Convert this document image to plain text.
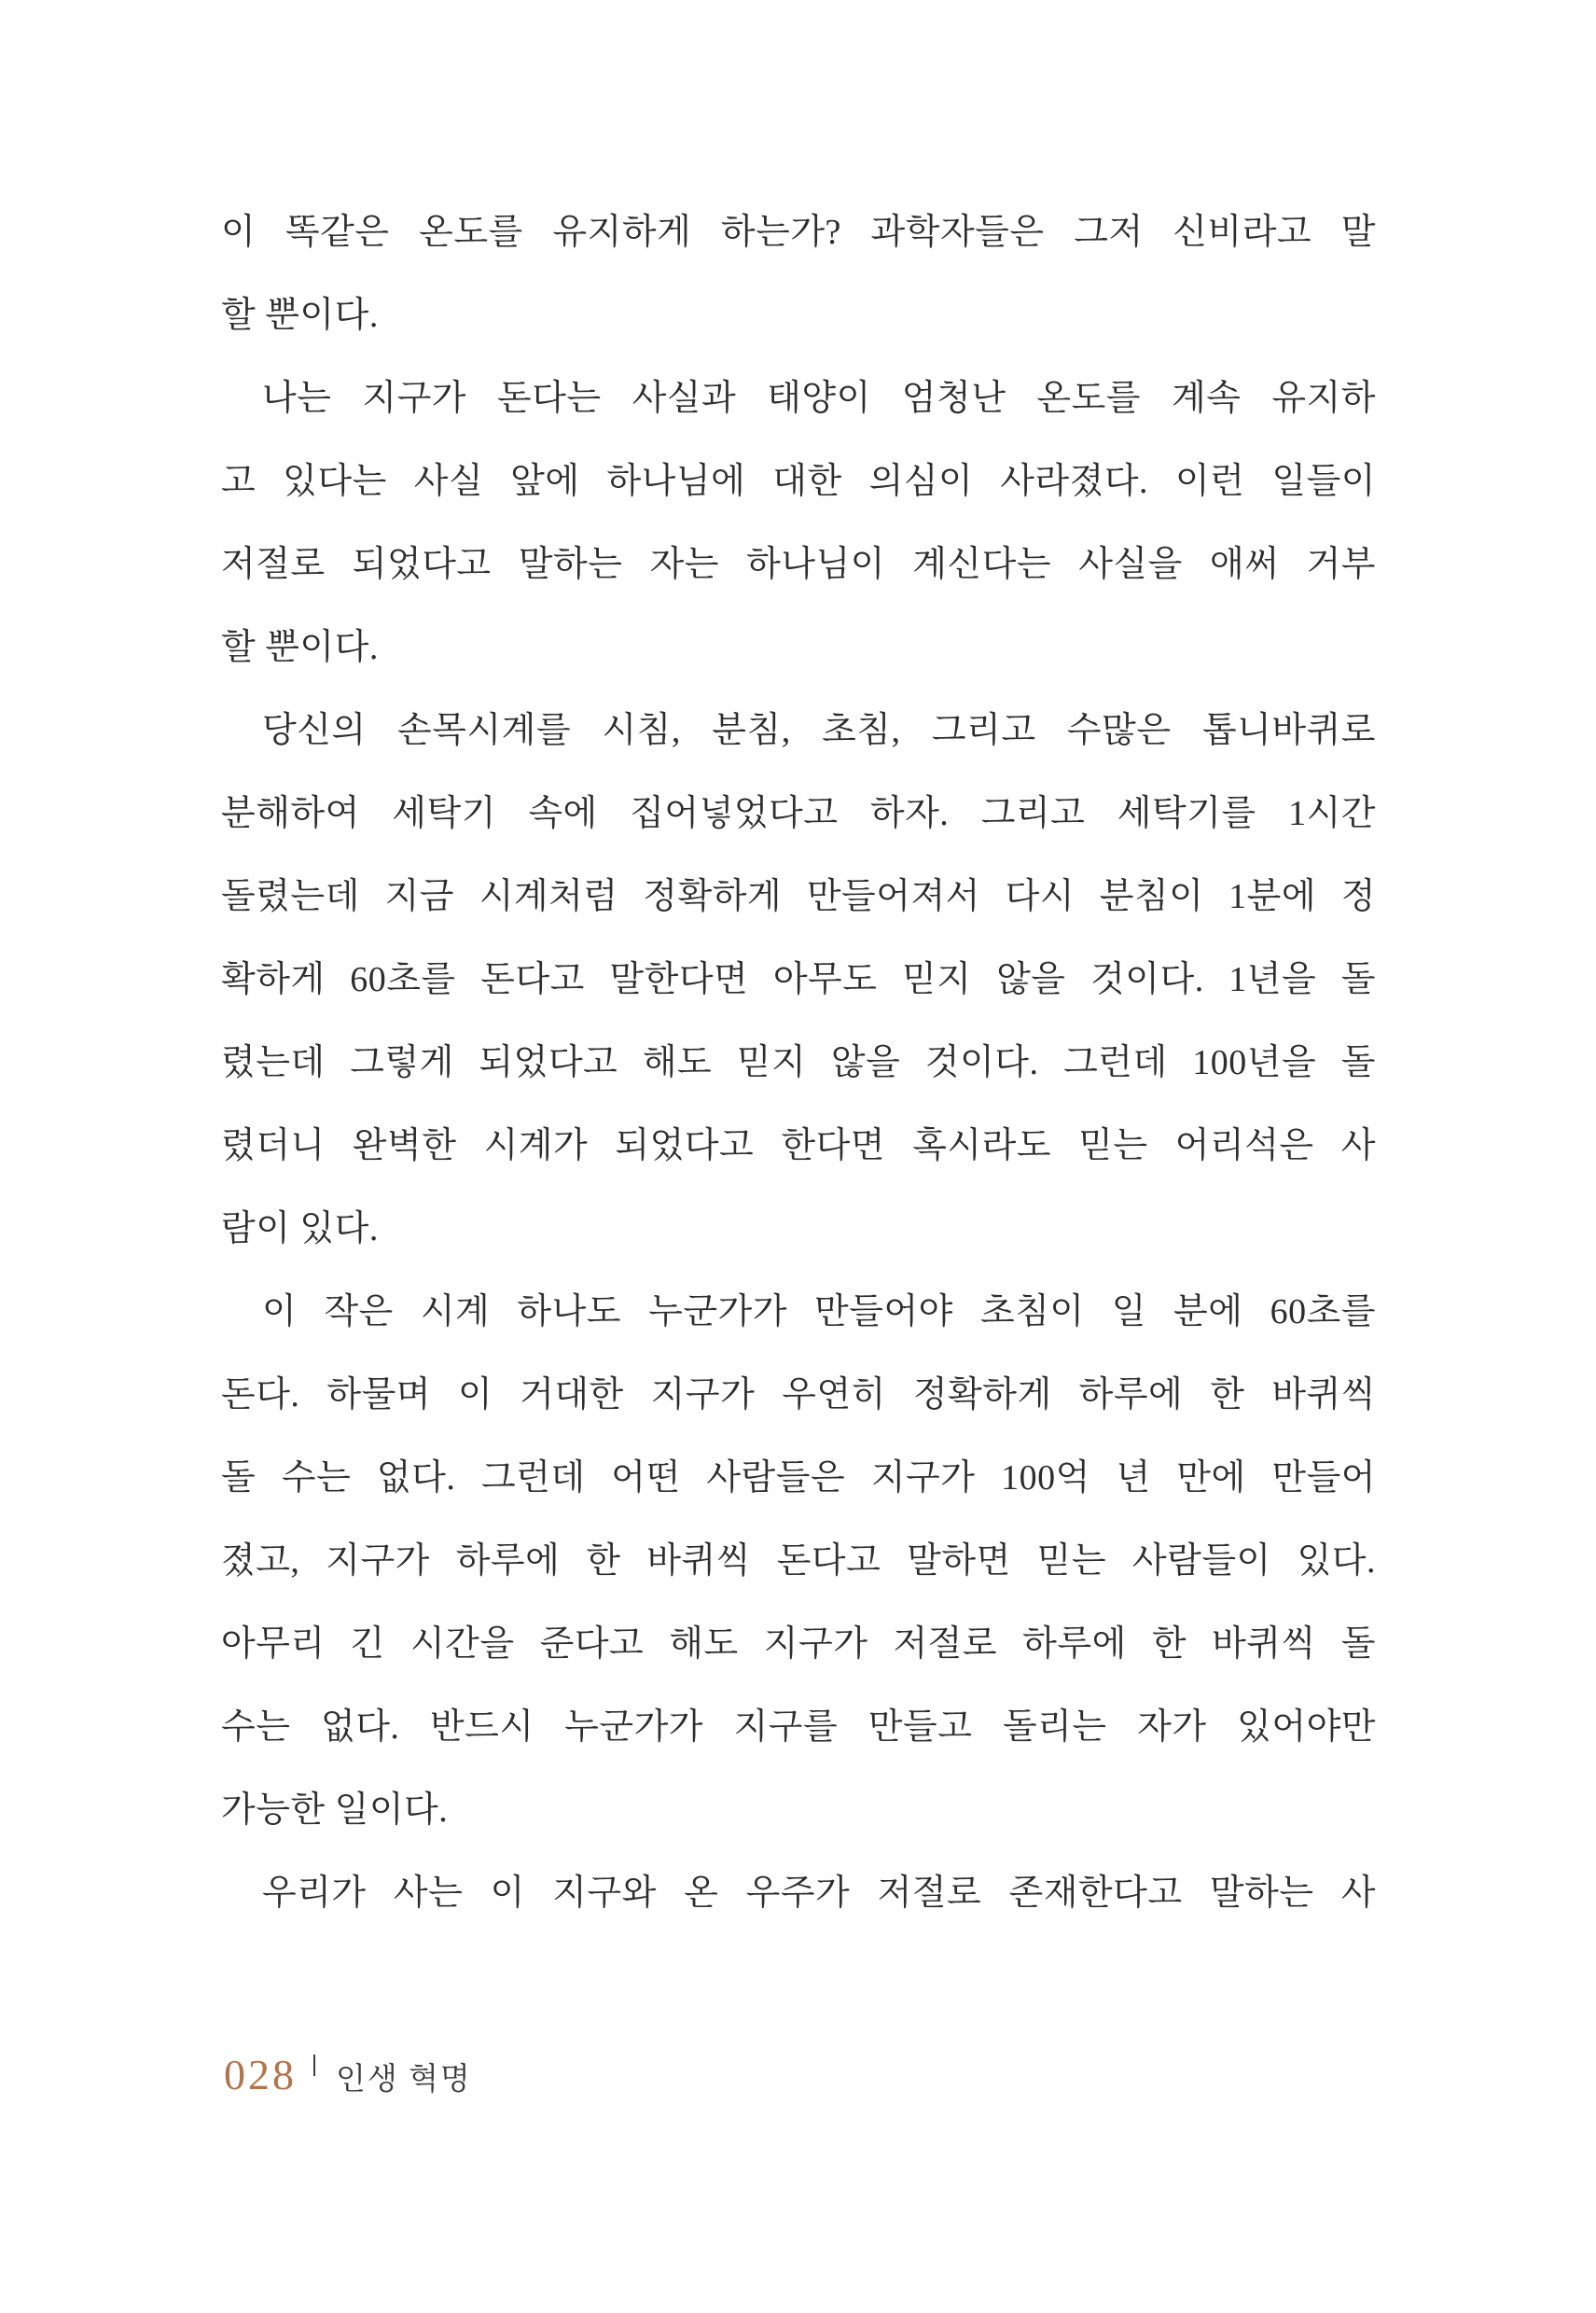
이 똑같은 온도를 유지하게 하는가? 과학자들은 그저 신비라고 말
할 뿐이다.
나는 지구가 돈다는 사실과 태양이 엄청난 온도를 계속 유지하
고 있다는 사실 앞에 하나님에 대한 의심이 사라졌다. 이런 일들이
저절로 되었다고 말하는 자는 하나님이 계신다는 사실을 애써 거부
할 뿐이다.
당신의 손목시계를 시침, 분침, 초침, 그리고 수많은 톱니바퀴로
분해하여 세탁기 속에 집어넣었다고 하자. 그리고 세탁기를 1시간
돌렸는데 지금 시계처럼 정확하게 만들어져서 다시 분침이 1분에 정
확하게 60초를 돈다고 말한다면 아무도 믿지 않을 것이다. 1년을 돌
렸는데 그렇게 되었다고 해도 믿지 않을 것이다. 그런데 100년을 돌
렸더니 완벽한 시계가 되었다고 한다면 혹시라도 믿는 어리석은 사
람이 있다.
이 작은 시계 하나도 누군가가 만들어야 초침이 일 분에 60초를
돈다. 하물며 이 거대한 지구가 우연히 정확하게 하루에 한 바퀴씩
돌 수는 없다. 그런데 어떤 사람들은 지구가 100억 년 만에 만들어
졌고, 지구가 하루에 한 바퀴씩 돈다고 말하면 믿는 사람들이 있다.
아무리 긴 시간을 준다고 해도 지구가 저절로 하루에 한 바퀴씩 돌
수는 없다. 반드시 누군가가 지구를 만들고 돌리는 자가 있어야만
가능한 일이다.
우리가 사는 이 지구와 온 우주가 저절로 존재한다고 말하는 사
028 인생 혁명
